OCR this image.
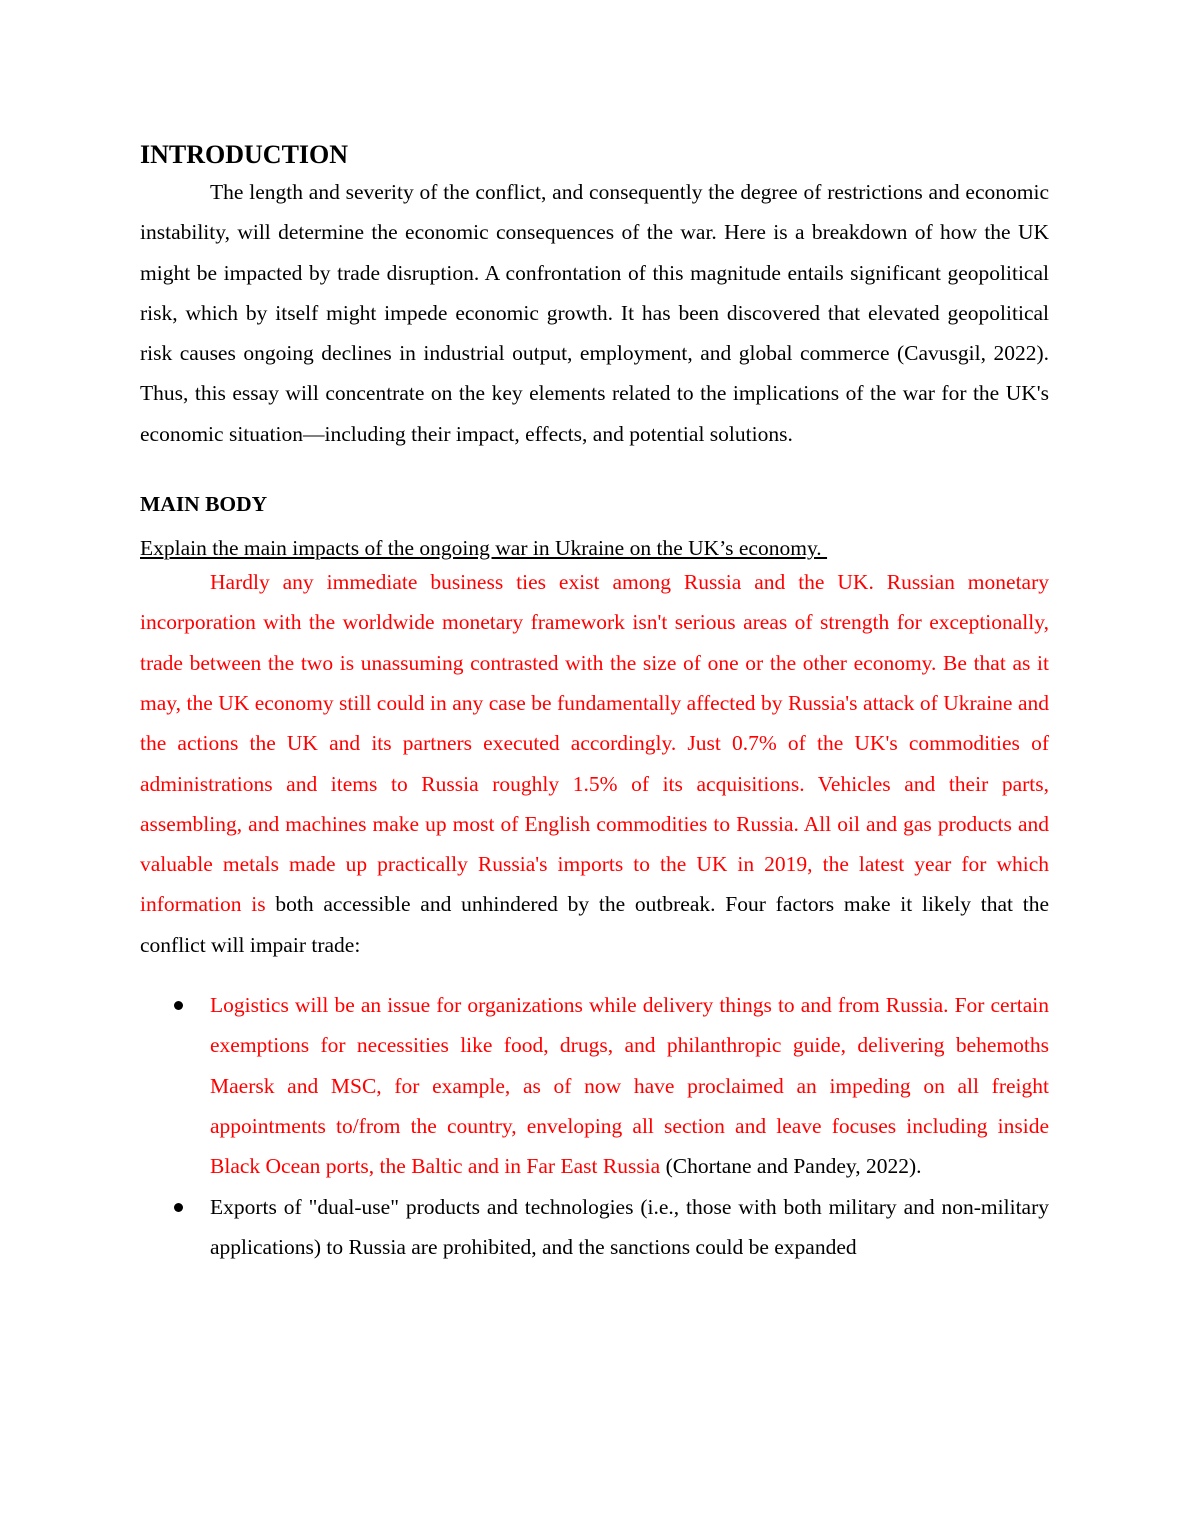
INTRODUCTION

The length and severity of the conflict, and consequently the degree of restrictions and economic instability, will determine the economic consequences of the war. Here is a breakdown of how the UK might be impacted by trade disruption. A confrontation of this magnitude entails significant geopolitical risk, which by itself might impede economic growth. It has been discovered that elevated geopolitical risk causes ongoing declines in industrial output, employment, and global commerce (Cavusgil, 2022). Thus, this essay will concentrate on the key elements related to the implications of the war for the UK's economic situation—including their impact, effects, and potential solutions.

MAIN BODY
Explain the main impacts of the ongoing war in Ukraine on the UK’s economy.

Hardly any immediate business ties exist among Russia and the UK. Russian monetary incorporation with the worldwide monetary framework isn't serious areas of strength for exceptionally, trade between the two is unassuming contrasted with the size of one or the other economy. Be that as it may, the UK economy still could in any case be fundamentally affected by Russia's attack of Ukraine and the actions the UK and its partners executed accordingly. Just 0.7% of the UK's commodities of administrations and items to Russia roughly 1.5% of its acquisitions. Vehicles and their parts, assembling, and machines make up most of English commodities to Russia. All oil and gas products and valuable metals made up practically Russia's imports to the UK in 2019, the latest year for which information is both accessible and unhindered by the outbreak. Four factors make it likely that the conflict will impair trade:

Logistics will be an issue for organizations while delivery things to and from Russia. For certain exemptions for necessities like food, drugs, and philanthropic guide, delivering behemoths Maersk and MSC, for example, as of now have proclaimed an impeding on all freight appointments to/from the country, enveloping all section and leave focuses including inside Black Ocean ports, the Baltic and in Far East Russia (Chortane and Pandey, 2022).
Exports of "dual-use" products and technologies (i.e., those with both military and non-military applications) to Russia are prohibited, and the sanctions could be expanded
